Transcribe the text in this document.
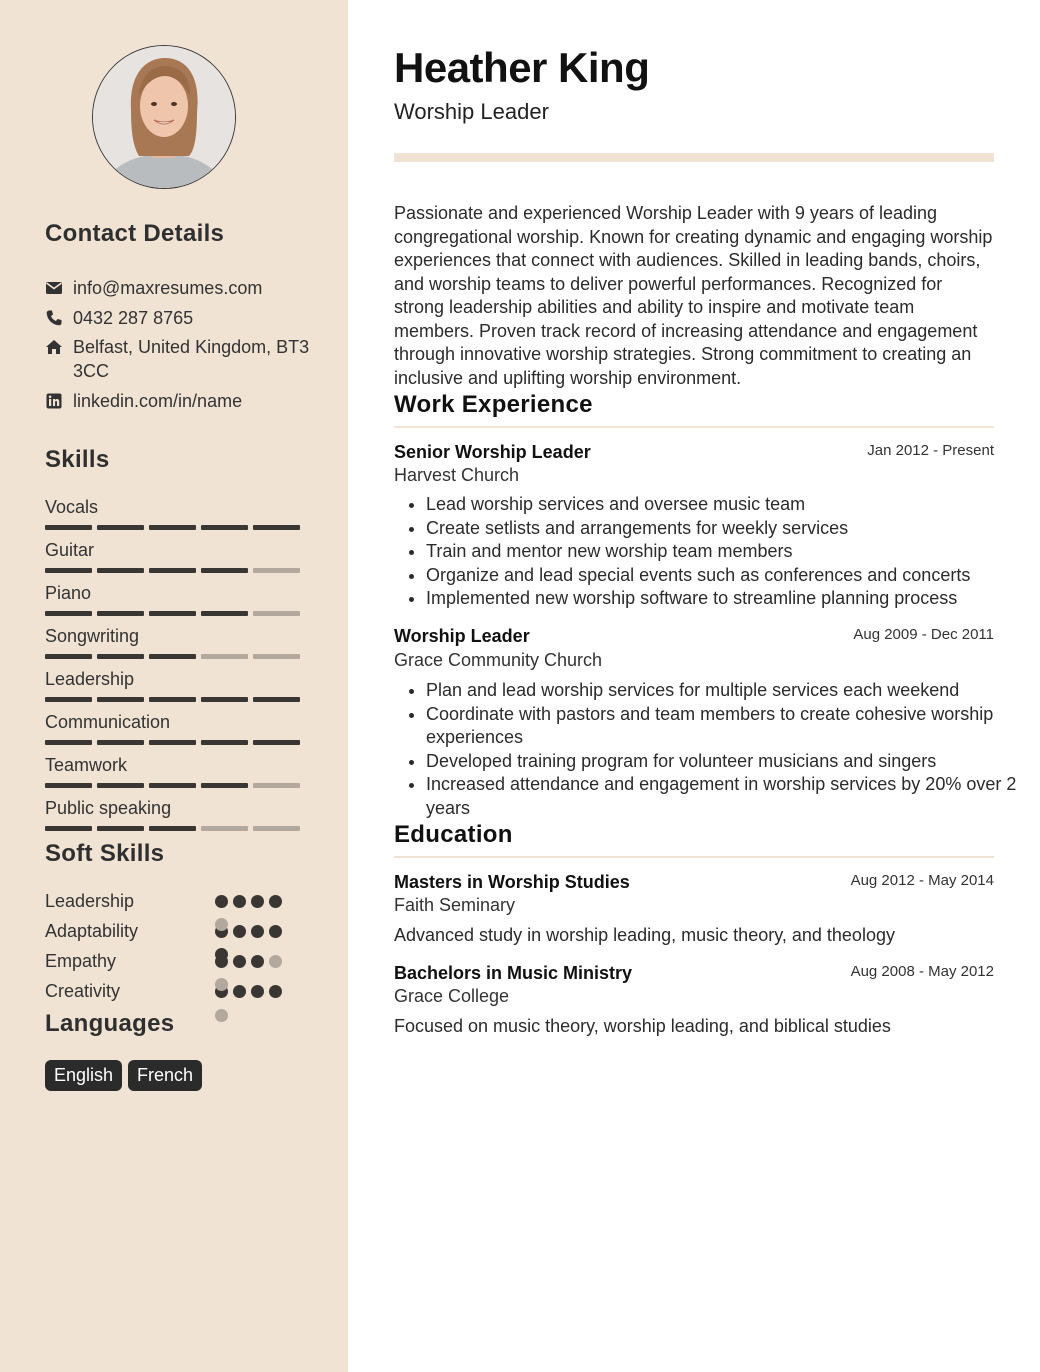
Contact Details
info@maxresumes.com
0432 287 8765
Belfast, United Kingdom, BT3 3CC
linkedin.com/in/name
Skills
Vocals
Guitar
Piano
Songwriting
Leadership
Communication
Teamwork
Public speaking
Soft Skills
Leadership
Adaptability
Empathy
Creativity
Languages
English	French
Heather King
Worship Leader

Passionate and experienced Worship Leader with 9 years of leading congregational worship. Known for creating dynamic and engaging worship experiences that connect with audiences. Skilled in leading bands, choirs, and worship teams to deliver powerful performances. Recognized for strong leadership abilities and ability to inspire and motivate team members. Proven track record of increasing attendance and engagement through innovative worship strategies. Strong commitment to creating an inclusive and uplifting worship environment.

Work Experience
Senior Worship Leader	Jan 2012 - Present
Harvest Church
• Lead worship services and oversee music team
• Create setlists and arrangements for weekly services
• Train and mentor new worship team members
• Organize and lead special events such as conferences and concerts
• Implemented new worship software to streamline planning process
Worship Leader	Aug 2009 - Dec 2011
Grace Community Church
• Plan and lead worship services for multiple services each weekend
• Coordinate with pastors and team members to create cohesive worship experiences
• Developed training program for volunteer musicians and singers
• Increased attendance and engagement in worship services by 20% over 2 years
Education
Masters in Worship Studies	Aug 2012 - May 2014
Faith Seminary
Advanced study in worship leading, music theory, and theology
Bachelors in Music Ministry	Aug 2008 - May 2012
Grace College
Focused on music theory, worship leading, and biblical studies
